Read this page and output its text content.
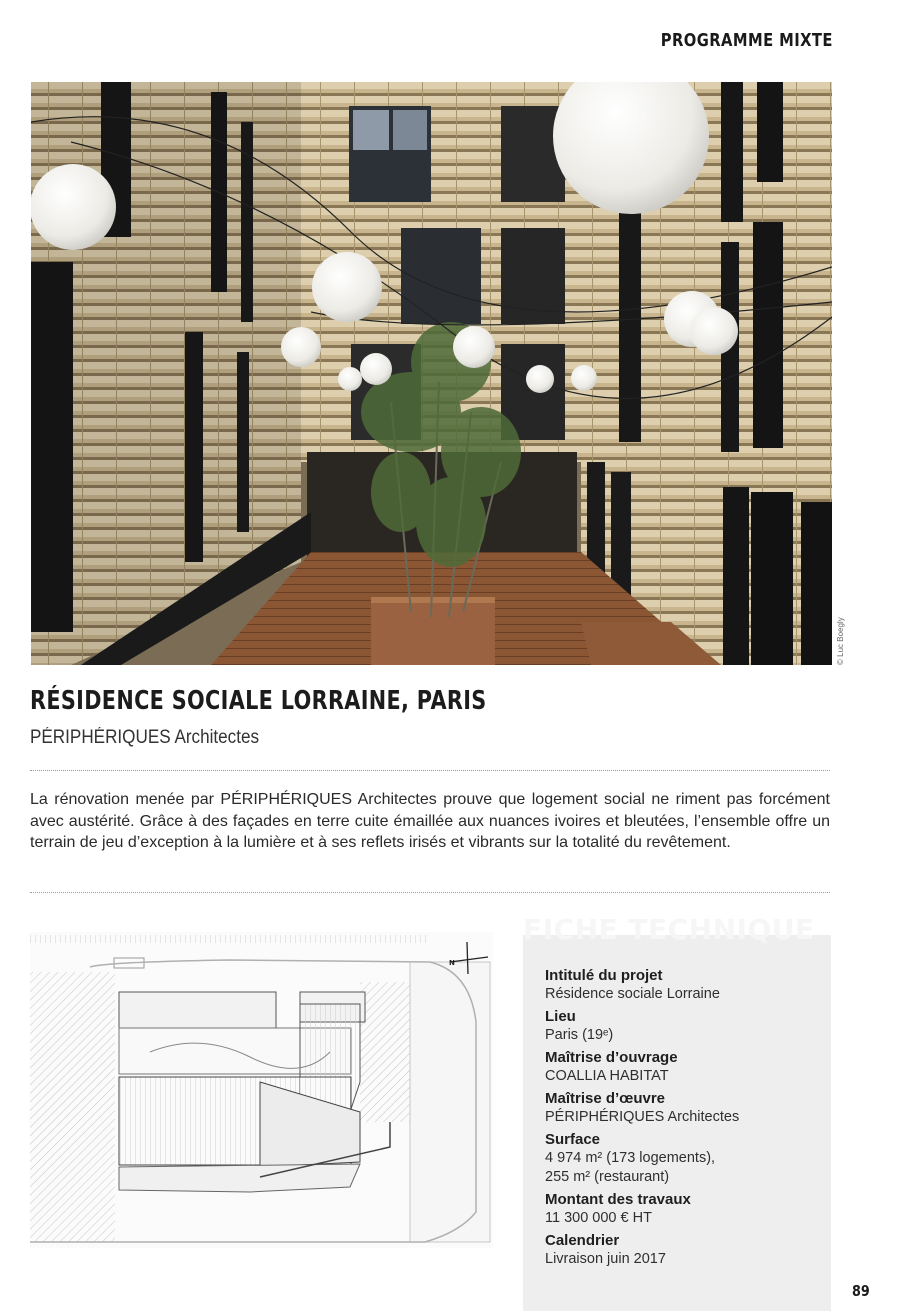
PROGRAMME MIXTE
© Luc Boegly
RÉSIDENCE SOCIALE LORRAINE, PARIS
PÉRIPHÉRIQUES Architectes

La rénovation menée par PÉRIPHÉRIQUES Architectes prouve que logement social ne riment pas forcément avec austérité. Grâce à des façades en terre cuite émaillée aux nuances ivoires et bleutées, l’ensemble offre un terrain de jeu d’exception à la lumière et à ses reflets irisés et vibrants sur la totalité du revêtement.

N
FICHE TECHNIQUE
Intitulé du projet
Résidence sociale Lorraine
Lieu
Paris (19ᵉ)
Maîtrise d’ouvrage
COALLIA HABITAT
Maîtrise d’œuvre
PÉRIPHÉRIQUES Architectes
Surface
4 974 m² (173 logements), 255 m² (restaurant)
Montant des travaux
11 300 000 € HT
Calendrier
Livraison juin 2017
89
